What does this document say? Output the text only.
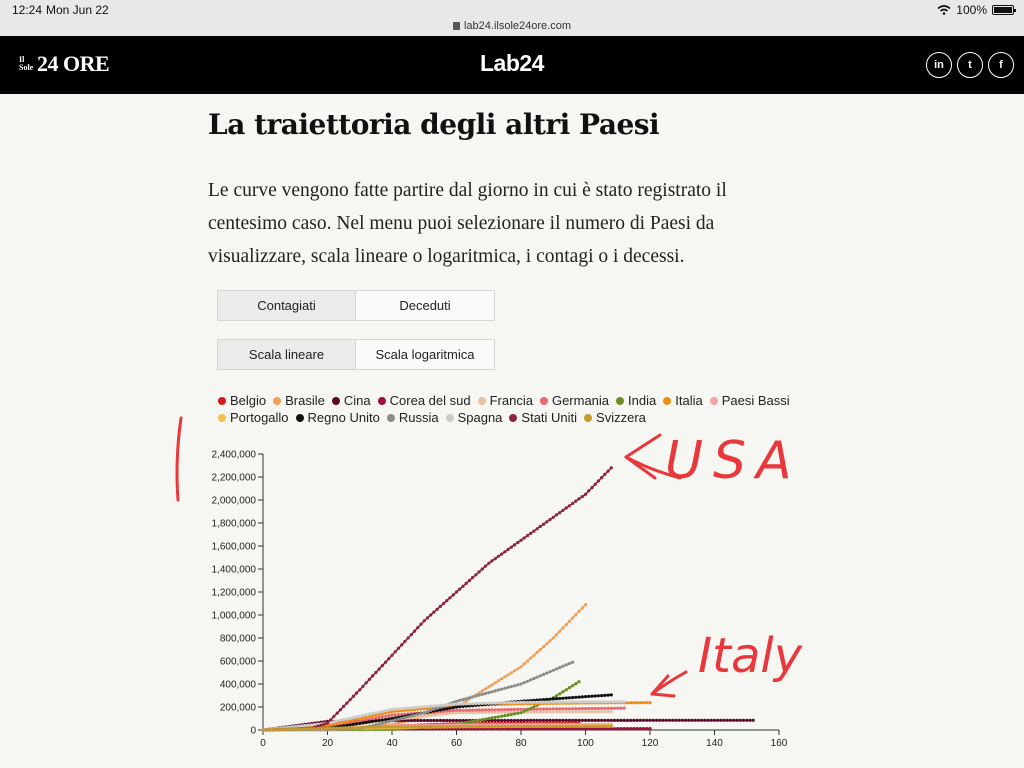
12:24 Mon Jun 22	100%
lab24.ilsole24ore.com
Il Sole 24 ORE	Lab24	in	t	f
La traiettoria degli altri Paesi

Le curve vengono fatte partire dal giorno in cui è stato registrato il centesimo caso. Nel menu puoi selezionare il numero di Paesi da visualizzare, scala lineare o logaritmica, i contagi o i decessi.

Contagiati	Deceduti
Scala lineare	Scala logaritmica
Belgio Brasile Cina Corea del sud Francia Germania India Italia Paesi BassiPortogallo Regno Unito Russia Spagna Stati Uniti Svizzera
0	20	40	60	80	100	120	140	160
0
200,000
400,000
600,000
800,000
1,000,000
1,200,000
1,400,000
1,600,000
1,800,000
2,000,000
2,200,000
2,400,000	USA
Italy
